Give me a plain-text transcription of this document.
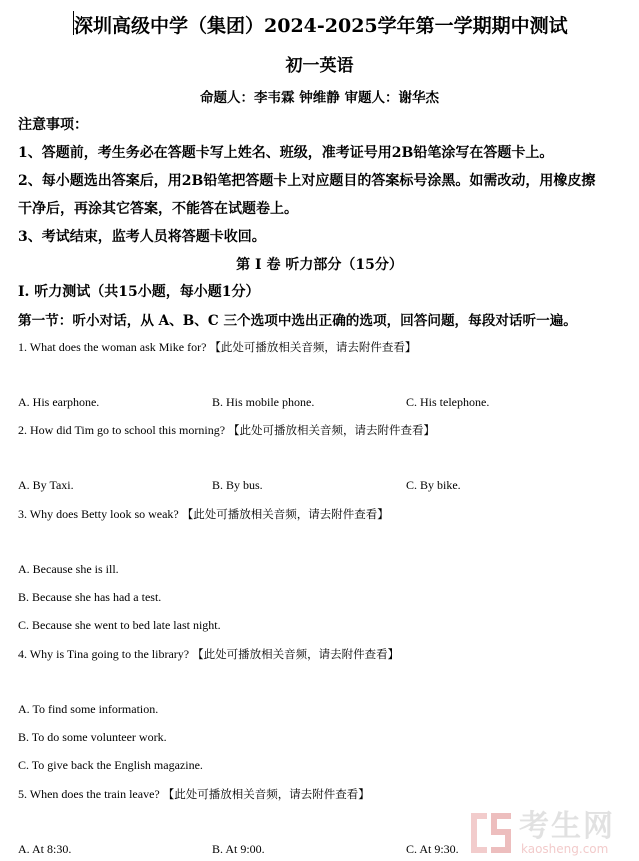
深圳高级中学（集团）2024-2025学年第一学期期中测试
初一英语
命题人：李韦霖 钟维静 审题人：谢华杰
注意事项：
1、答题前，考生务必在答题卡写上姓名、班级，准考证号用2B铅笔涂写在答题卡上。
2、每小题选出答案后，用2B铅笔把答题卡上对应题目的答案标号涂黑。如需改动，用橡皮擦
干净后，再涂其它答案，不能答在试题卷上。
3、考试结束，监考人员将答题卡收回。
第 I 卷 听力部分（15分）
Ⅰ. 听力测试（共15小题，每小题1分）
第一节：听小对话，从 A、B、C 三个选项中选出正确的选项，回答问题，每段对话听一遍。
1. What does the woman ask Mike for? 【此处可播放相关音频，请去附件查看】
A. His earphone.	B. His mobile phone.	C. His telephone.
2. How did Tim go to school this morning? 【此处可播放相关音频，请去附件查看】
A. By Taxi.	B. By bus.	C. By bike.
3. Why does Betty look so weak? 【此处可播放相关音频，请去附件查看】
A. Because she is ill.
B. Because she has had a test.
C. Because she went to bed late last night.
4. Why is Tina going to the library? 【此处可播放相关音频，请去附件查看】
A. To find some information.
B. To do some volunteer work.
C. To give back the English magazine.
5. When does the train leave? 【此处可播放相关音频，请去附件查看】
A. At 8:30.	B. At 9:00.	C. At 9:30.
考生网
kaosheng.com
